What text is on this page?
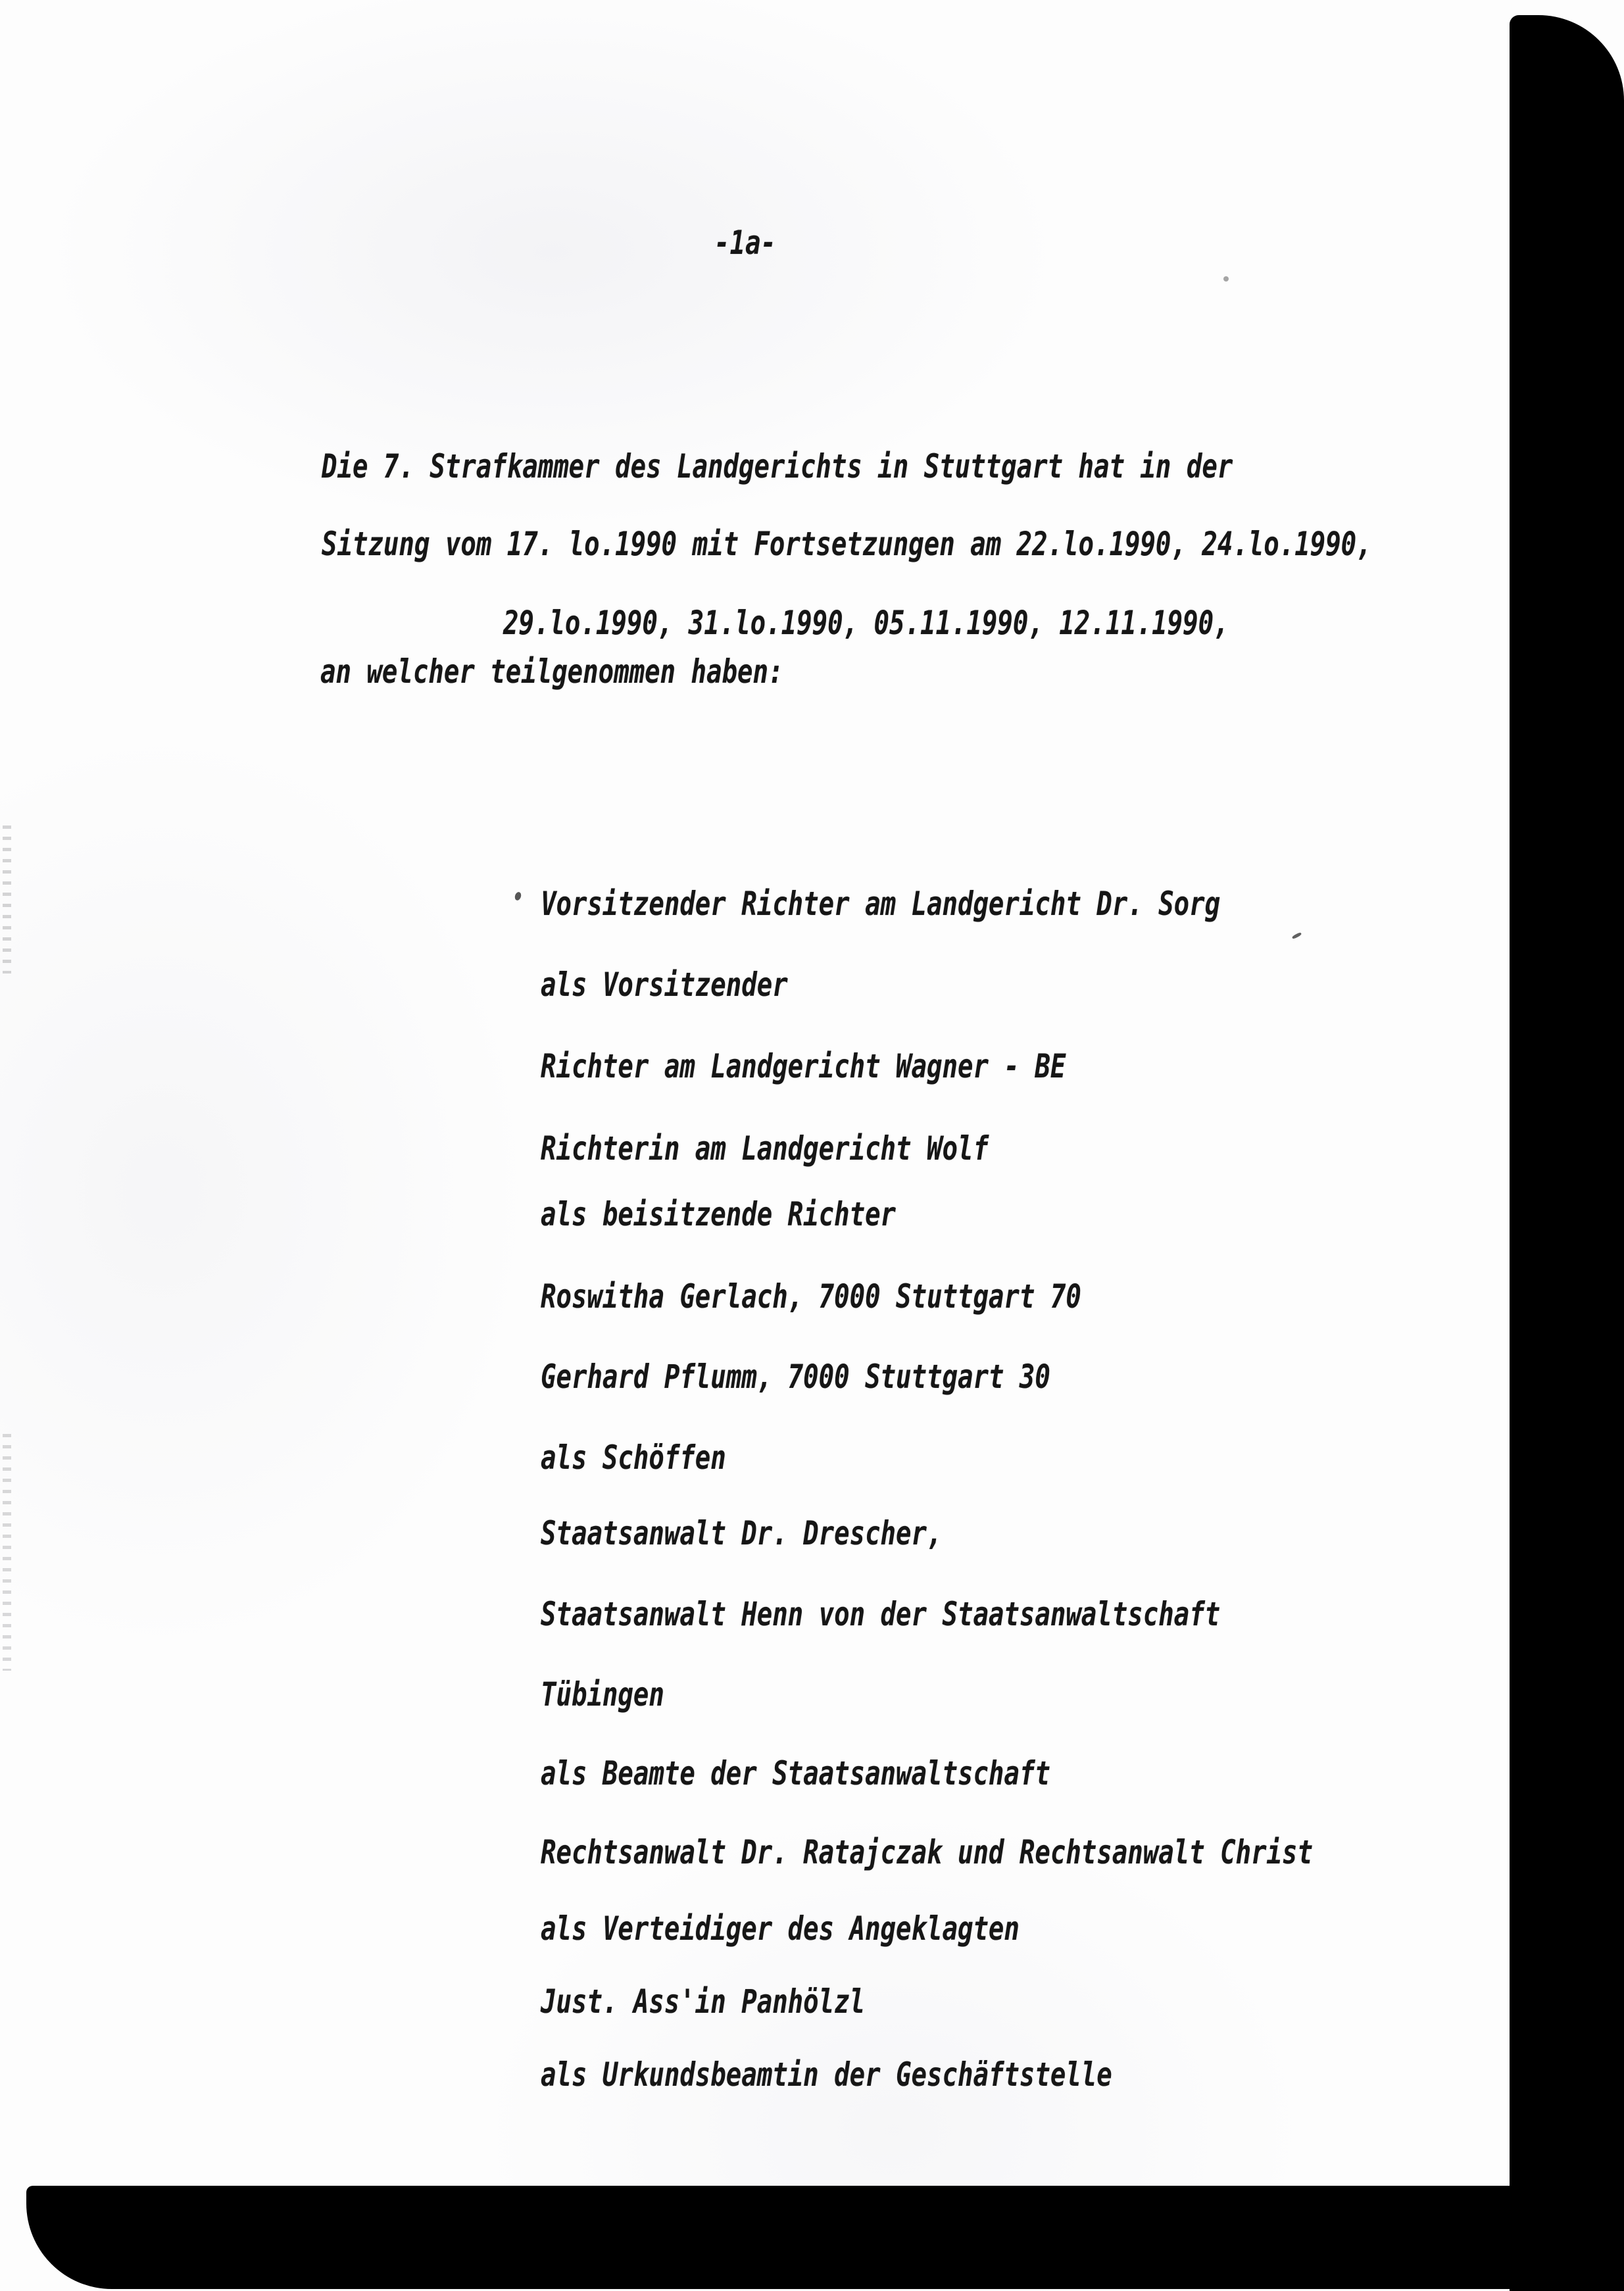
-1a-
Die 7. Strafkammer des Landgerichts in Stuttgart hat in der
Sitzung vom 17. lo.1990 mit Fortsetzungen am 22.lo.1990, 24.lo.1990,
29.lo.1990, 31.lo.1990, 05.11.1990, 12.11.1990,
an welcher teilgenommen haben:
Vorsitzender Richter am Landgericht Dr. Sorg
als Vorsitzender
Richter am Landgericht Wagner - BE
Richterin am Landgericht Wolf
als beisitzende Richter
Roswitha Gerlach, 7000 Stuttgart 70
Gerhard Pflumm, 7000 Stuttgart 30
als Schöffen
Staatsanwalt Dr. Drescher,
Staatsanwalt Henn von der Staatsanwaltschaft
Tübingen
als Beamte der Staatsanwaltschaft
Rechtsanwalt Dr. Ratajczak und Rechtsanwalt Christ
als Verteidiger des Angeklagten
Just. Ass'in Panhölzl
als Urkundsbeamtin der Geschäftstelle
